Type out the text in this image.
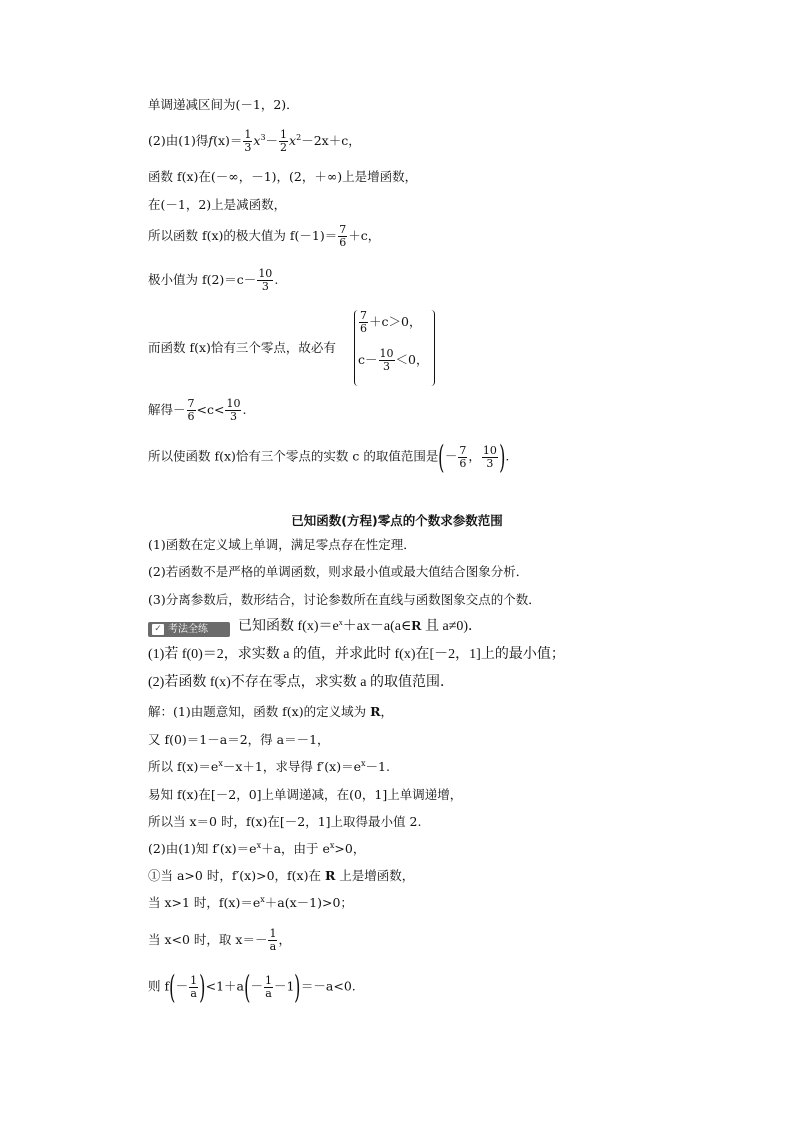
单调递减区间为(－1，2)．
(2)由(1)得$f(x)= \frac{1}{3} x^3- \frac{1}{2} x^2-2x+c$，
函数 f(x)在(－∞，－1)，(2，＋∞)上是增函数，
在(－1，2)上是减函数，
所以函数 f(x)的极大值为 $f(-1)= \frac{7}{6} +c$，
极小值为 $f(2)=c- \frac{10}{3}$ .
而函数 f(x)恰有三个零点，故必有
$\frac{7}{6} +c>0$，
$c- \frac{10}{3} <0$，
解得－ $\frac{7}{6} <c< \frac{10}{3}$ .
所以使函数 f(x)恰有三个零点的实数 c 的取值范围是(－ $\frac{7}{6}$ ， $\frac{10}{3}$ ).
已知函数(方程)零点的个数求参数范围
(1)函数在定义域上单调，满足零点存在性定理．
(2)若函数不是严格的单调函数，则求最小值或最大值结合图象分析．
(3)分离参数后，数形结合，讨论参数所在直线与函数图象交点的个数．
✓ 考法全练 已知函数 $f(x)=e^x+ax-a(a\in R$ 且 a≠0)．
(1)若 f(0)＝2，求实数 a 的值，并求此时 f(x)在[－2，1]上的最小值；
(2)若函数 f(x)不存在零点，求实数 a 的取值范围．
解：(1)由题意知，函数 f(x)的定义域为 R，
又 f(0)＝1－a＝2，得 a＝－1，
所以 $f(x)=e^x-x+1$，求导得 $f'(x)=e^x-1$.
易知 f(x)在[－2，0]上单调递减，在(0，1]上单调递增，
所以当 x＝0 时，f(x)在[－2，1]上取得最小值 2.
(2)由(1)知 $f'(x)=e^x+a$，由于 $e^x>0$，
①当 a>0 时，f′(x)>0，f(x)在 R 上是增函数，
当 x>1 时，$f(x)=e^x+a(x-1)>0$；
当 x<0 时，取 $x=- \frac{1}{a}$ ，
则 $f(- \frac{1}{a} )<1+a(- \frac{1}{a} -1)=-a<0$.
